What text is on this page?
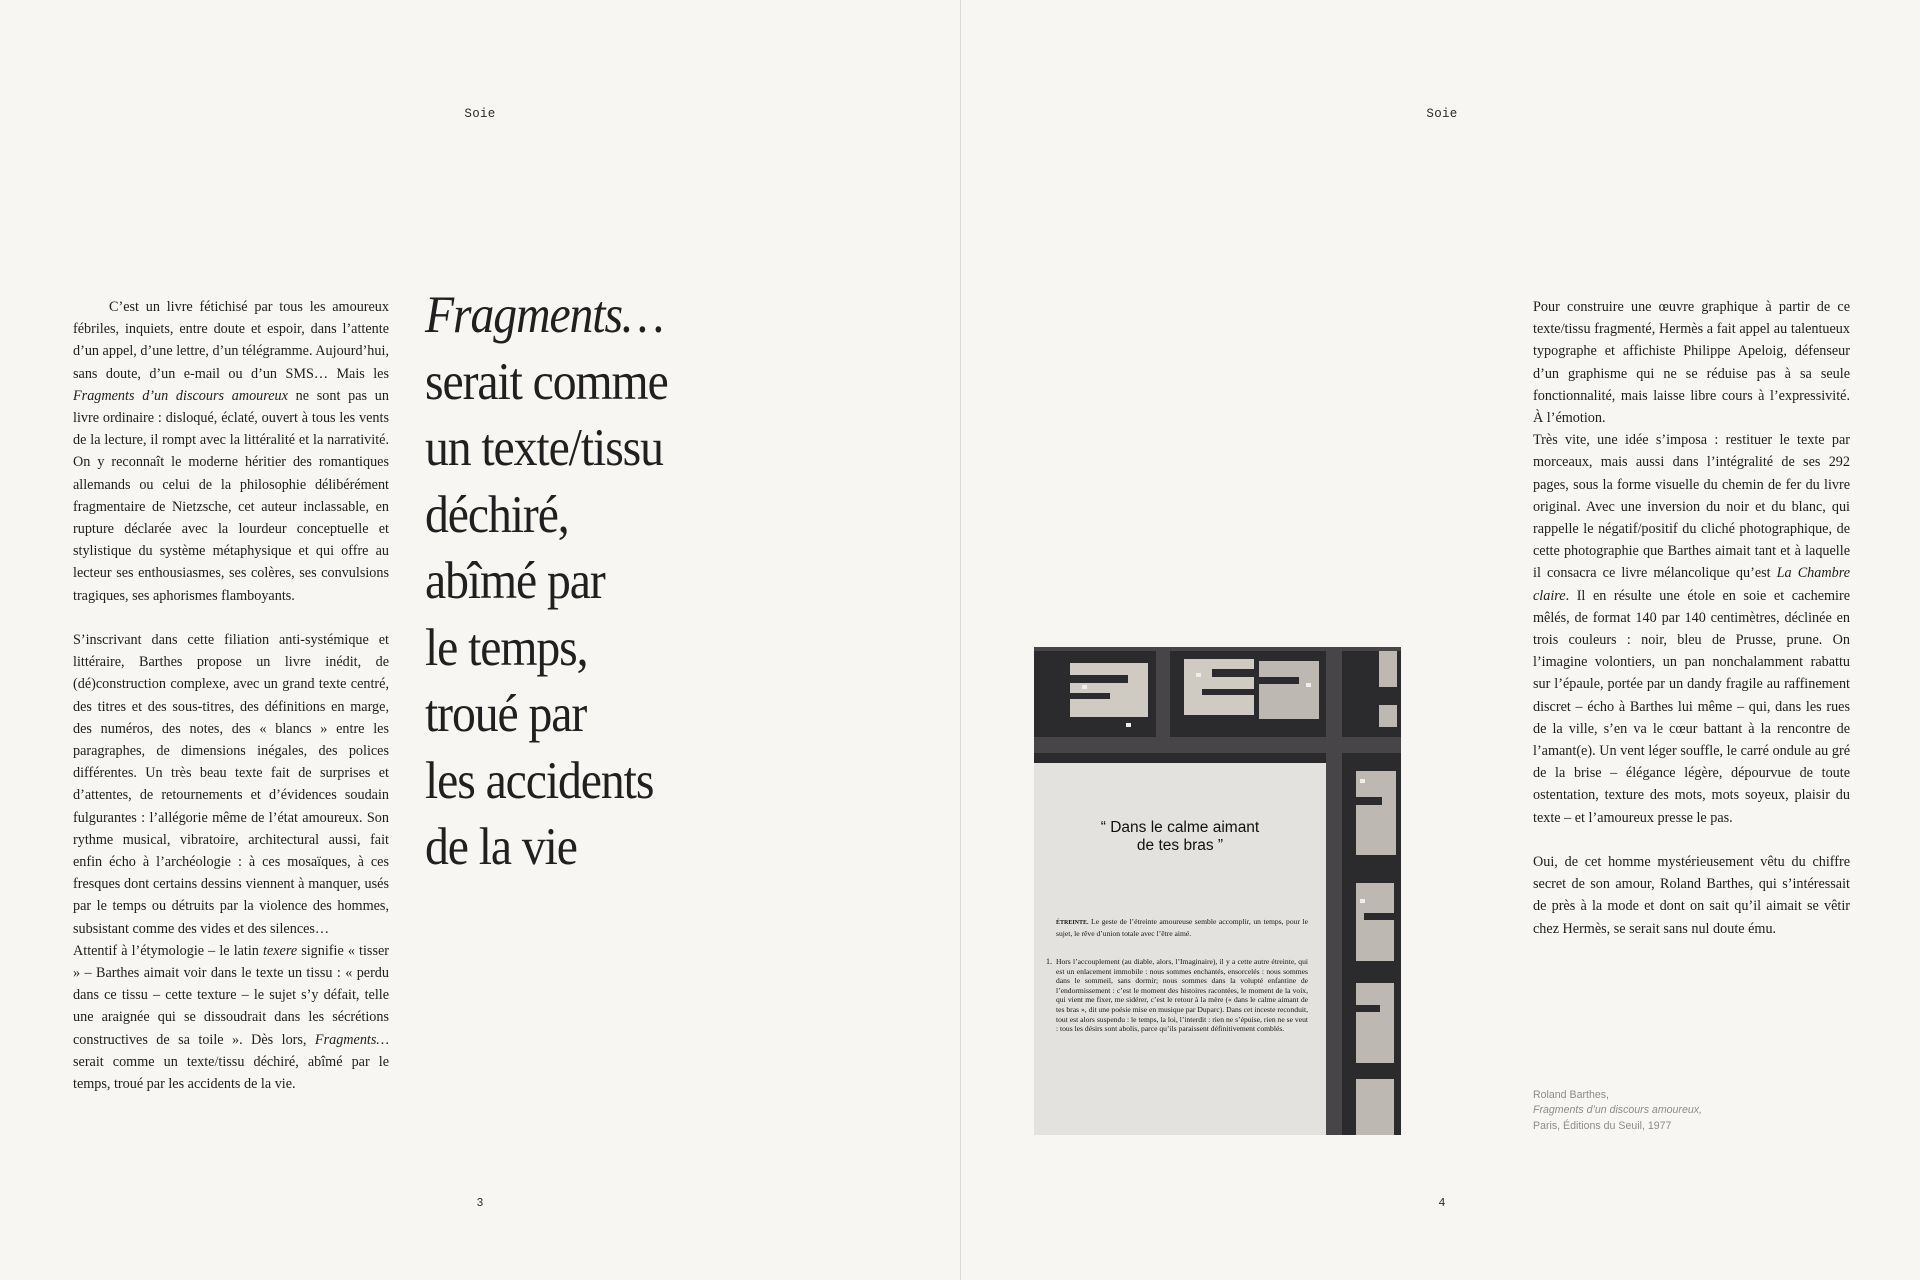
Soie

C’est un livre fétichisé par tous les amoureux fébriles, inquiets, entre doute et espoir, dans l’attente d’un appel, d’une lettre, d’un télégramme. Aujourd’hui, sans doute, d’un e-mail ou d’un SMS… Mais les Fragments d’un discours amoureux ne sont pas un livre ordinaire : disloqué, éclaté, ouvert à tous les vents de la lecture, il rompt avec la littéralité et la narrativité. On y reconnaît le moderne héritier des romantiques allemands ou celui de la philosophie délibérément fragmentaire de Nietzsche, cet auteur inclassable, en rupture déclarée avec la lourdeur conceptuelle et stylistique du système métaphysique et qui offre au lecteur ses enthousiasmes, ses colères, ses convulsions tragiques, ses aphorismes flamboyants.

S’inscrivant dans cette filiation anti-systémique et littéraire, Barthes propose un livre inédit, de (dé)construction complexe, avec un grand texte centré, des titres et des sous-titres, des définitions en marge, des numéros, des notes, des « blancs » entre les paragraphes, de dimensions inégales, des polices différentes. Un très beau texte fait de surprises et d’attentes, de retournements et d’évidences soudain fulgurantes : l’allégorie même de l’état amoureux. Son rythme musical, vibratoire, architectural aussi, fait enfin écho à l’archéologie : à ces mosaïques, à ces fresques dont certains dessins viennent à manquer, usés par le temps ou détruits par la violence des hommes, subsistant comme des vides et des silences…

Attentif à l’étymologie – le latin texere signifie « tisser » – Barthes aimait voir dans le texte un tissu : « perdu dans ce tissu – cette texture – le sujet s’y défait, telle une araignée qui se dissoudrait dans les sécrétions constructives de sa toile ». Dès lors, Fragments… serait comme un texte/tissu déchiré, abîmé par le temps, troué par les accidents de la vie.

Fragments…
serait comme
un texte/tissu
déchiré,
abîmé par
le temps,
troué par
les accidents
de la vie
3
Soie
“ Dans le calme aimant
de tes bras ”
ÉTREINTE. Le geste de l’étreinte amoureuse semble accomplir, un temps, pour le sujet, le rêve d’union totale avec l’être aimé.
1. Hors l’accouplement (au diable, alors, l’Imaginaire), il y a cette autre étreinte, qui est un enlacement immobile : nous sommes enchantés, ensorcelés : nous sommes dans le sommeil, sans dormir; nous sommes dans la volupté enfantine de l’endormissement : c’est le moment des histoires racontées, le moment de la voix, qui vient me fixer, me sidérer, c’est le retour à la mère (« dans le calme aimant de tes bras », dit une poésie mise en musique par Duparc). Dans cet inceste reconduit, tout est alors suspendu : le temps, la loi, l’interdit : rien ne s’épuise, rien ne se veut : tous les désirs sont abolis, parce qu’ils paraissent définitivement comblés.

Pour construire une œuvre graphique à partir de ce texte/tissu fragmenté, Hermès a fait appel au talentueux typographe et affichiste Philippe Apeloig, défenseur d’un graphisme qui ne se réduise pas à sa seule fonctionnalité, mais laisse libre cours à l’expressivité. À l’émotion.

Très vite, une idée s’imposa : restituer le texte par morceaux, mais aussi dans l’intégralité de ses 292 pages, sous la forme visuelle du chemin de fer du livre original. Avec une inversion du noir et du blanc, qui rappelle le négatif/positif du cliché photographique, de cette photographie que Barthes aimait tant et à laquelle il consacra ce livre mélancolique qu’est La Chambre claire. Il en résulte une étole en soie et cachemire mêlés, de format 140 par 140 centimètres, déclinée en trois couleurs : noir, bleu de Prusse, prune. On l’imagine volontiers, un pan nonchalamment rabattu sur l’épaule, portée par un dandy fragile au raffinement discret – écho à Barthes lui même – qui, dans les rues de la ville, s’en va le cœur battant à la rencontre de l’amant(e). Un vent léger souffle, le carré ondule au gré de la brise – élégance légère, dépourvue de toute ostentation, texture des mots, mots soyeux, plaisir du texte – et l’amoureux presse le pas.

Oui, de cet homme mystérieusement vêtu du chiffre secret de son amour, Roland Barthes, qui s’intéressait de près à la mode et dont on sait qu’il aimait se vêtir chez Hermès, se serait sans nul doute ému.

Roland Barthes,
Fragments d’un discours amoureux,
Paris, Éditions du Seuil, 1977
4
